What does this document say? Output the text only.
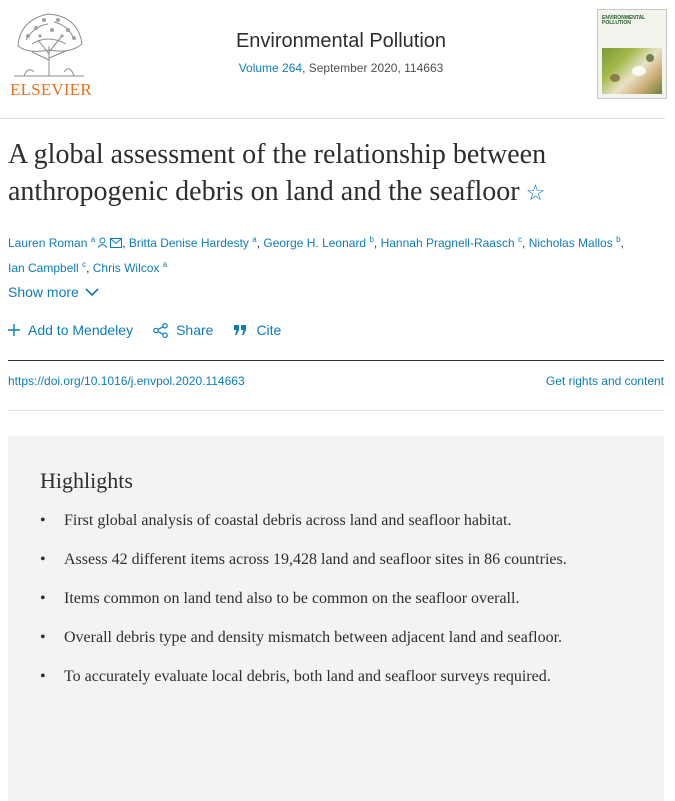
ELSEVIER
Environmental Pollution
Volume 264, September 2020, 114663
ENVIRONMENTAL POLLUTION
A global assessment of the relationship between anthropogenic debris on land and the seafloor ☆
Lauren Roman $^a$ , Britta Denise Hardesty $^a$, George H. Leonard $^b$, Hannah Pragnell-Raasch $^c$, Nicholas Mallos $^b$,
Ian Campbell $^c$, Chris Wilcox $^a$
Show more
Add to Mendeley	Share	Cite
https://doi.org/10.1016/j.envpol.2020.114663	Get rights and content
Highlights
• First global analysis of coastal debris across land and seafloor habitat.
• Assess 42 different items across 19,428 land and seafloor sites in 86 countries.
• Items common on land tend also to be common on the seafloor overall.
• Overall debris type and density mismatch between adjacent land and seafloor.
• To accurately evaluate local debris, both land and seafloor surveys required.
